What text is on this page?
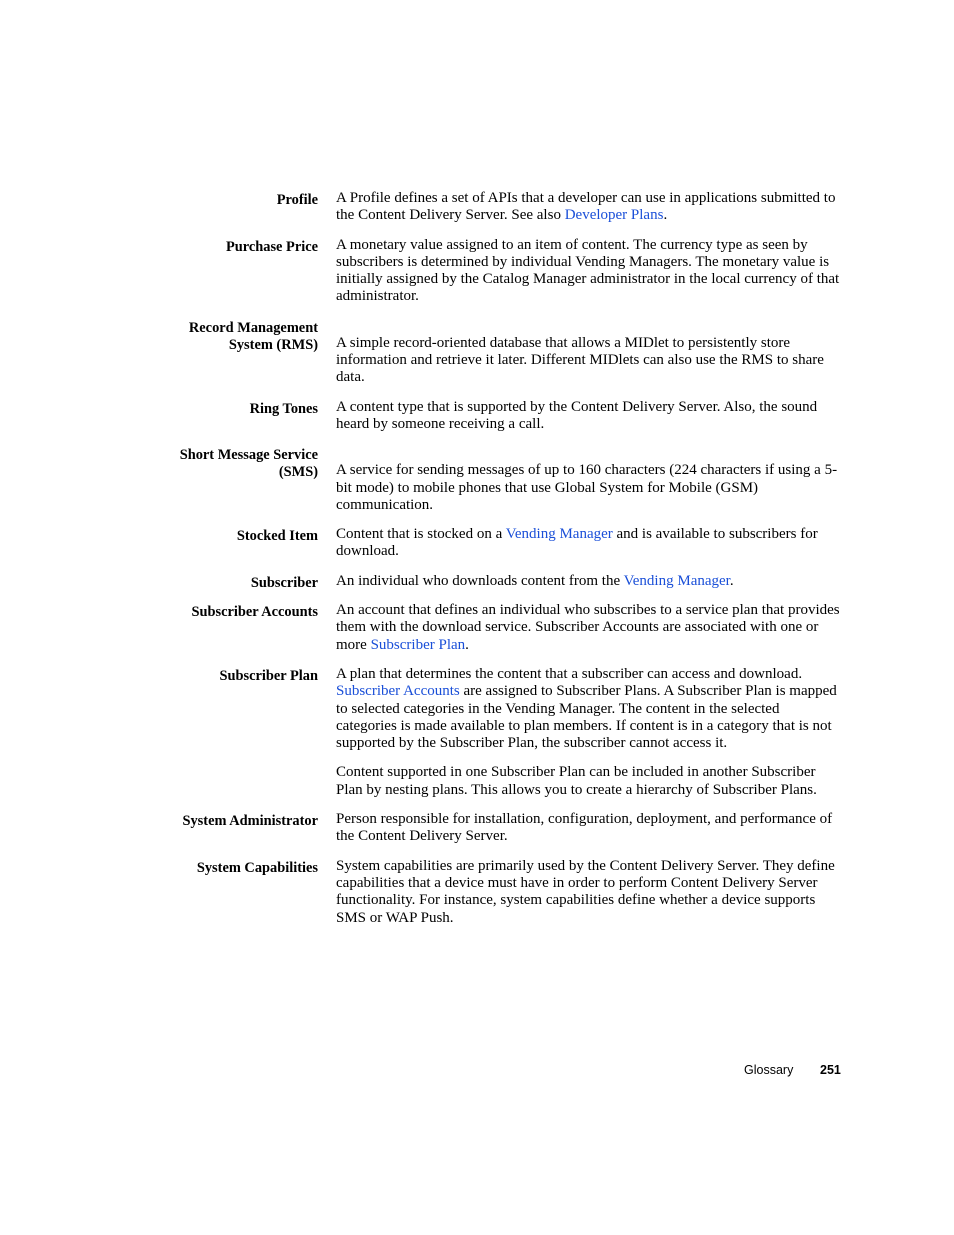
Profile A Profile defines a set of APIs that a developer can use in applications submitted to the Content Delivery Server. See also Developer Plans.

Purchase Price A monetary value assigned to an item of content. The currency type as seen by subscribers is determined by individual Vending Managers. The monetary value is initially assigned by the Catalog Manager administrator in the local currency of that administrator.

Record Management
System (RMS) A simple record-oriented database that allows a MIDlet to persistently store information and retrieve it later. Different MIDlets can also use the RMS to share data.

Ring Tones A content type that is supported by the Content Delivery Server. Also, the sound heard by someone receiving a call.

Short Message Service
(SMS) A service for sending messages of up to 160 characters (224 characters if using a 5-bit mode) to mobile phones that use Global System for Mobile (GSM) communication.

Stocked Item Content that is stocked on a Vending Manager and is available to subscribers for download.

Subscriber An individual who downloads content from the Vending Manager.

Subscriber Accounts An account that defines an individual who subscribes to a service plan that provides them with the download service. Subscriber Accounts are associated with one or more Subscriber Plan.

Subscriber Plan A plan that determines the content that a subscriber can access and download. Subscriber Accounts are assigned to Subscriber Plans. A Subscriber Plan is mapped to selected categories in the Vending Manager. The content in the selected categories is made available to plan members. If content is in a category that is not supported by the Subscriber Plan, the subscriber cannot access it.

Content supported in one Subscriber Plan can be included in another Subscriber Plan by nesting plans. This allows you to create a hierarchy of Subscriber Plans.

System Administrator Person responsible for installation, configuration, deployment, and performance of the Content Delivery Server.

System Capabilities System capabilities are primarily used by the Content Delivery Server. They define capabilities that a device must have in order to perform Content Delivery Server functionality. For instance, system capabilities define whether a device supports SMS or WAP Push.

Glossary 251
